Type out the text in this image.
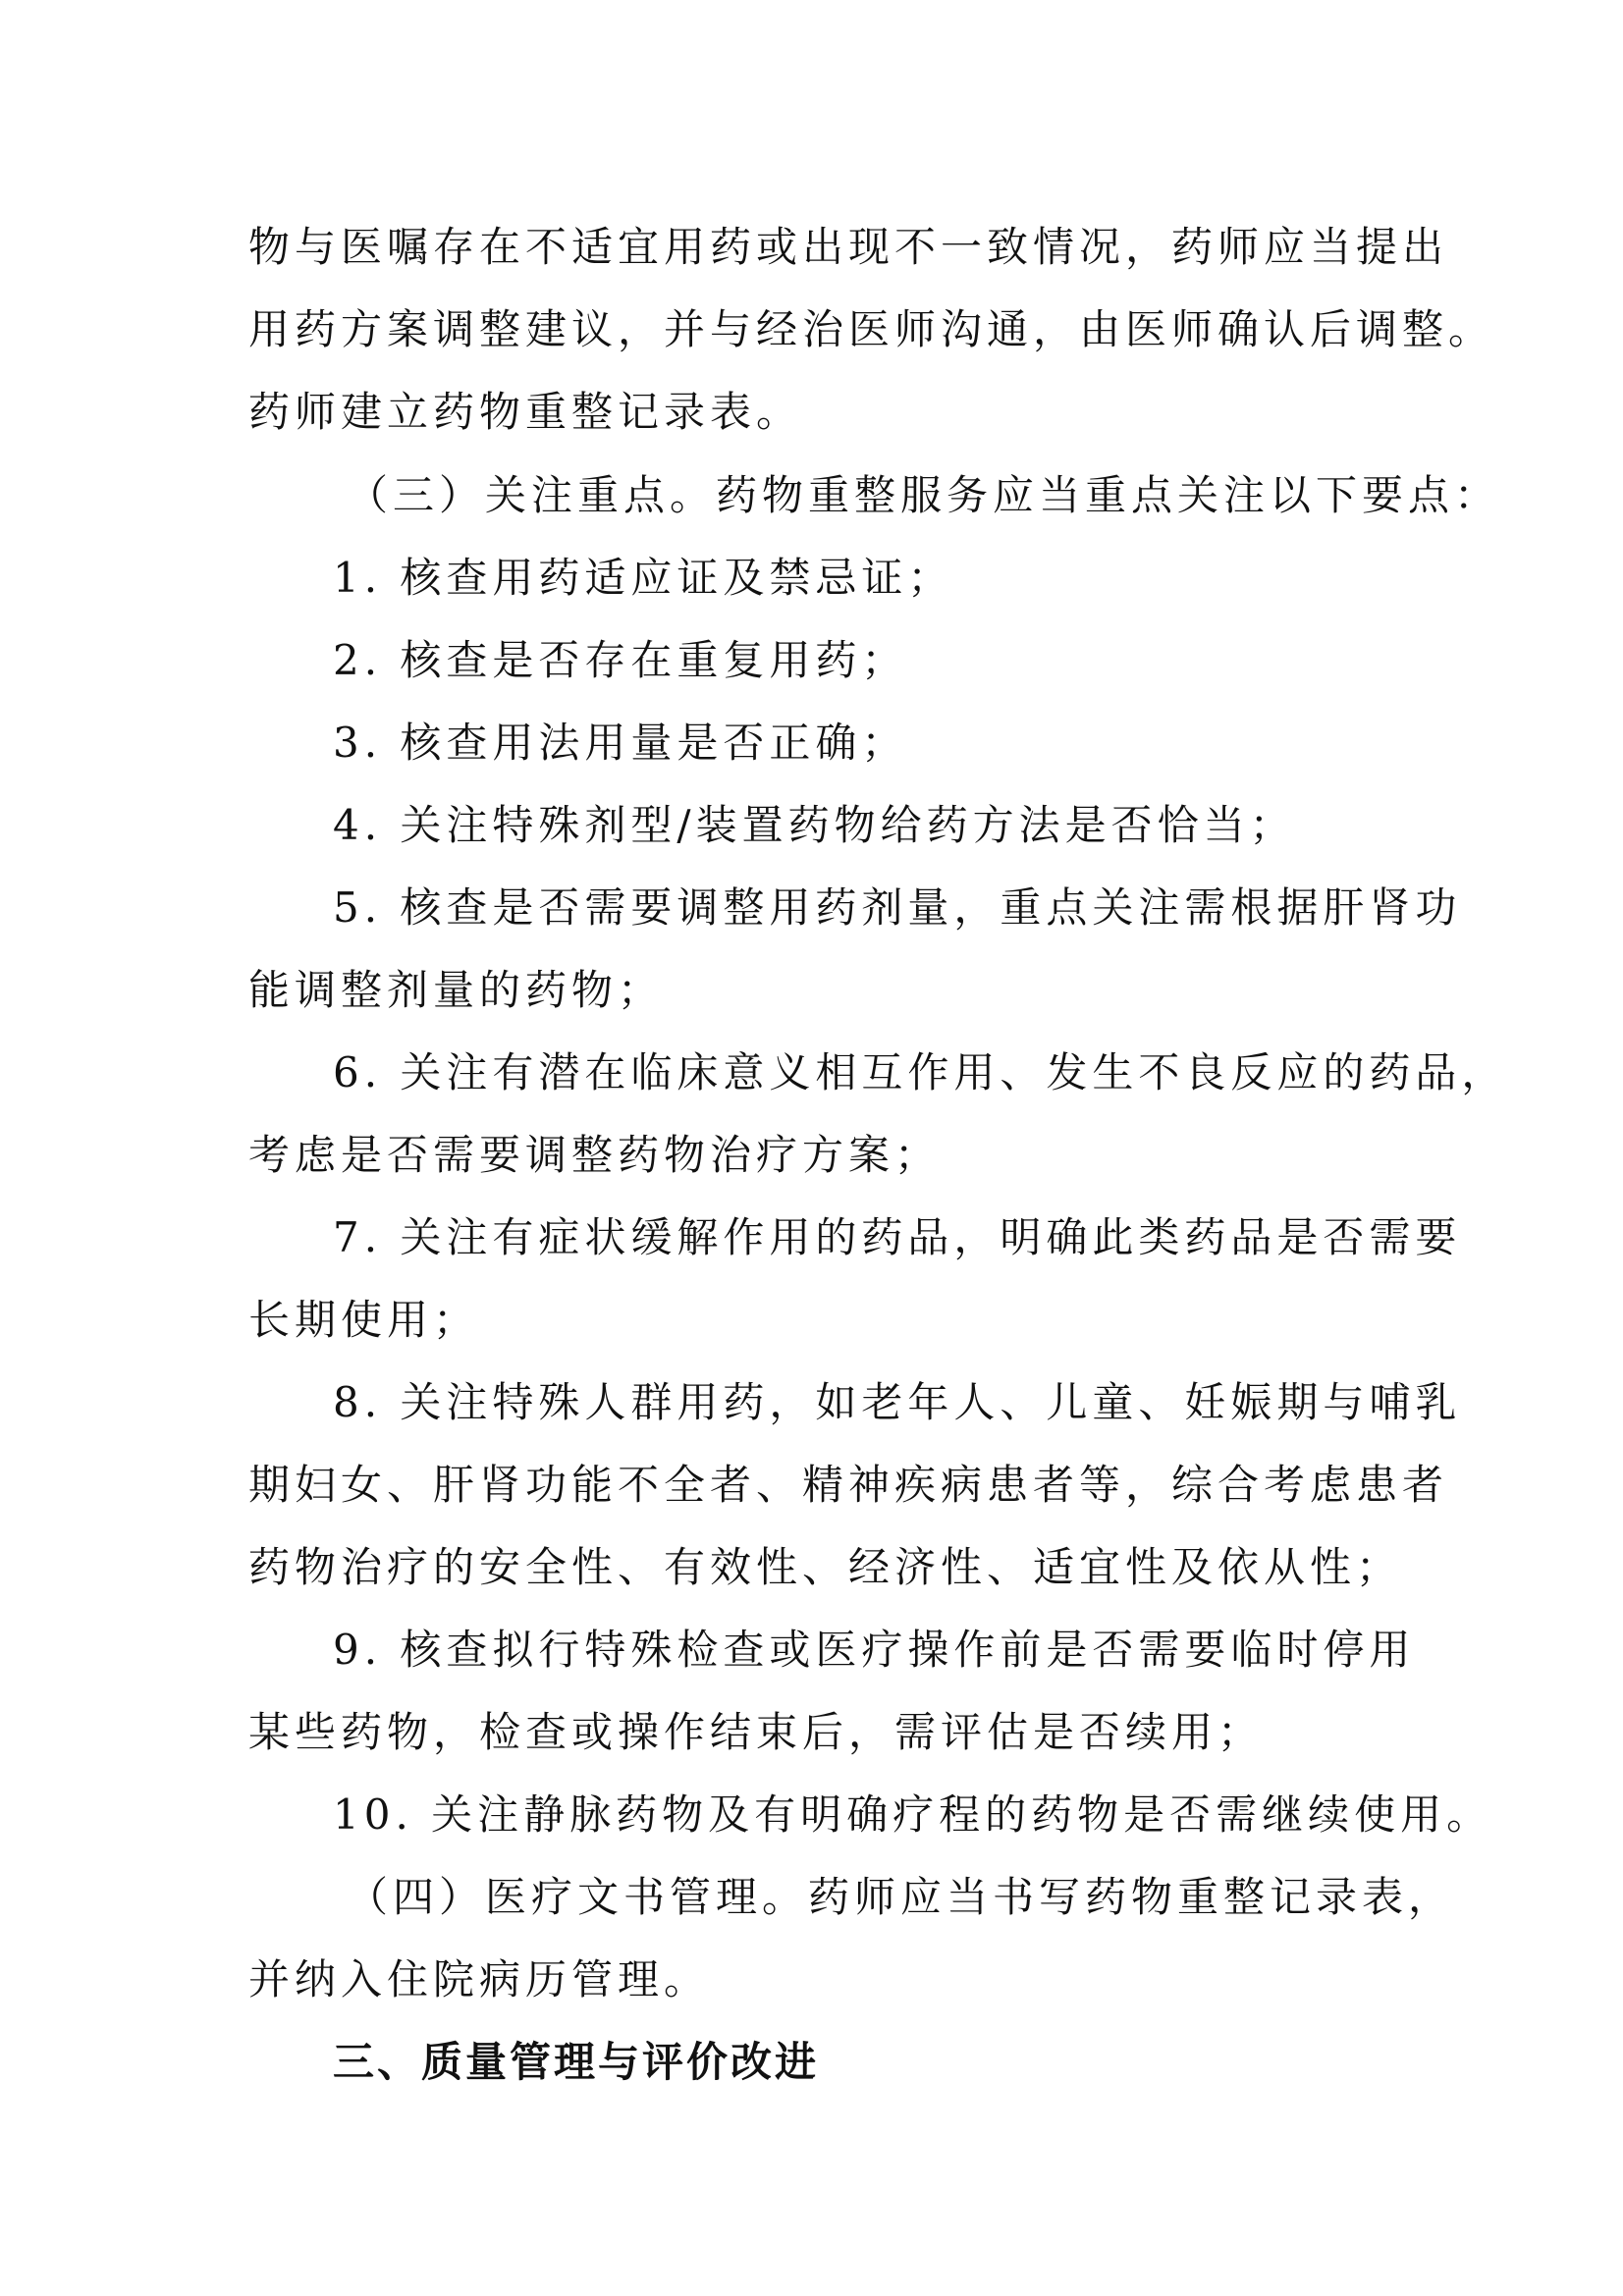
物与医嘱存在不适宜用药或出现不一致情况，药师应当提出
用药方案调整建议，并与经治医师沟通，由医师确认后调整。
药师建立药物重整记录表。
（三）关注重点。药物重整服务应当重点关注以下要点：
1. 核查用药适应证及禁忌证；
2. 核查是否存在重复用药；
3. 核查用法用量是否正确；
4. 关注特殊剂型/装置药物给药方法是否恰当；
5. 核查是否需要调整用药剂量，重点关注需根据肝肾功
能调整剂量的药物；
6. 关注有潜在临床意义相互作用、发生不良反应的药品，
考虑是否需要调整药物治疗方案；
7. 关注有症状缓解作用的药品，明确此类药品是否需要
长期使用；
8. 关注特殊人群用药，如老年人、儿童、妊娠期与哺乳
期妇女、肝肾功能不全者、精神疾病患者等，综合考虑患者
药物治疗的安全性、有效性、经济性、适宜性及依从性；
9. 核查拟行特殊检查或医疗操作前是否需要临时停用
某些药物，检查或操作结束后，需评估是否续用；
10. 关注静脉药物及有明确疗程的药物是否需继续使用。
（四）医疗文书管理。药师应当书写药物重整记录表，
并纳入住院病历管理。
三、质量管理与评价改进
